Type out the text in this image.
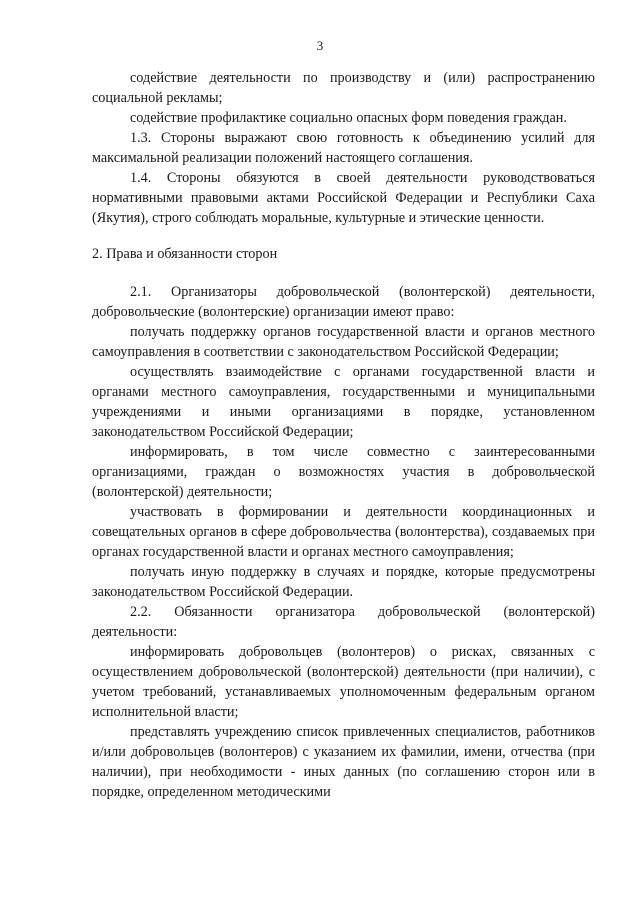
3

содействие деятельности по производству и (или) распространению социальной рекламы;

содействие профилактике социально опасных форм поведения граждан.

1.3. Стороны выражают свою готовность к объединению усилий для максимальной реализации положений настоящего соглашения.

1.4. Стороны обязуются в своей деятельности руководствоваться нормативными правовыми актами Российской Федерации и Республики Саха (Якутия), строго соблюдать моральные, культурные и этические ценности.

2. Права и обязанности сторон

2.1. Организаторы добровольческой (волонтерской) деятельности, добровольческие (волонтерские) организации имеют право:

получать поддержку органов государственной власти и органов местного самоуправления в соответствии с законодательством Российской Федерации;

осуществлять взаимодействие с органами государственной власти и органами местного самоуправления, государственными и муниципальными учреждениями и иными организациями в порядке, установленном законодательством Российской Федерации;

информировать, в том числе совместно с заинтересованными организациями, граждан о возможностях участия в добровольческой (волонтерской) деятельности;

участвовать в формировании и деятельности координационных и совещательных органов в сфере добровольчества (волонтерства), создаваемых при органах государственной власти и органах местного самоуправления;

получать иную поддержку в случаях и порядке, которые предусмотрены законодательством Российской Федерации.

2.2. Обязанности организатора добровольческой (волонтерской) деятельности:

информировать добровольцев (волонтеров) о рисках, связанных с осуществлением добровольческой (волонтерской) деятельности (при наличии), с учетом требований, устанавливаемых уполномоченным федеральным органом исполнительной власти;

представлять учреждению список привлеченных специалистов, работников и/или добровольцев (волонтеров) с указанием их фамилии, имени, отчества (при наличии), при необходимости - иных данных (по соглашению сторон или в порядке, определенном методическими
